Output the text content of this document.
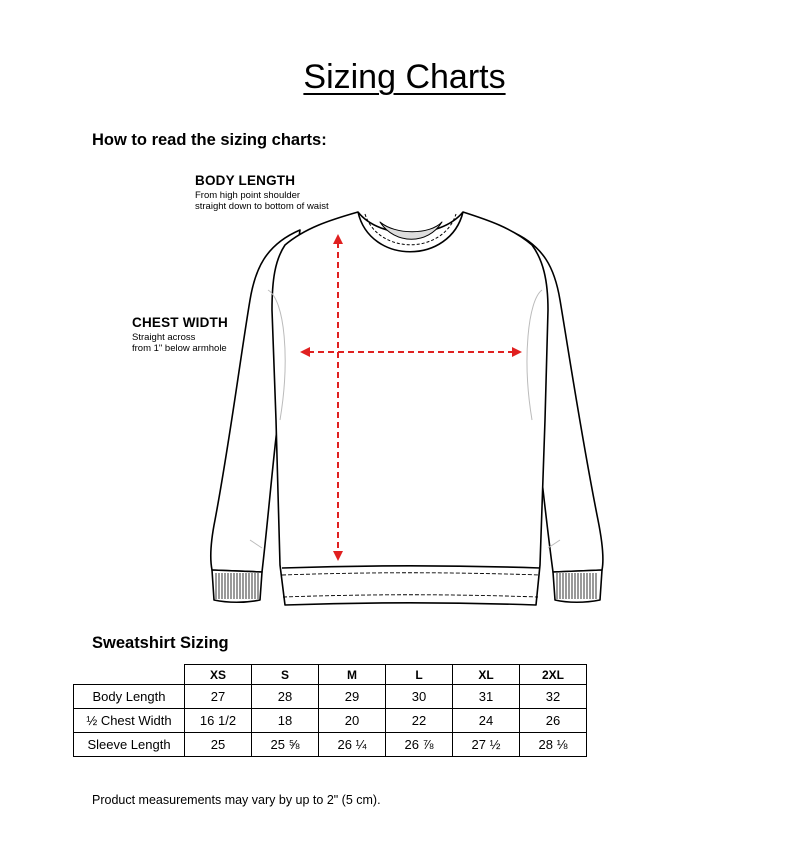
Sizing Charts
How to read the sizing charts:
BODY LENGTH
From high point shoulder
straight down to bottom of waist
CHEST WIDTH
Straight across
from 1" below armhole
Sweatshirt Sizing
	XS	S	M	L	XL	2XL
Body Length	27	28	29	30	31	32
½ Chest Width	16 1/2	18	20	22	24	26
Sleeve Length	25	25 ⅝	26 ¼	26 ⅞	27 ½	28 ⅛
Product measurements may vary by up to 2" (5 cm).
